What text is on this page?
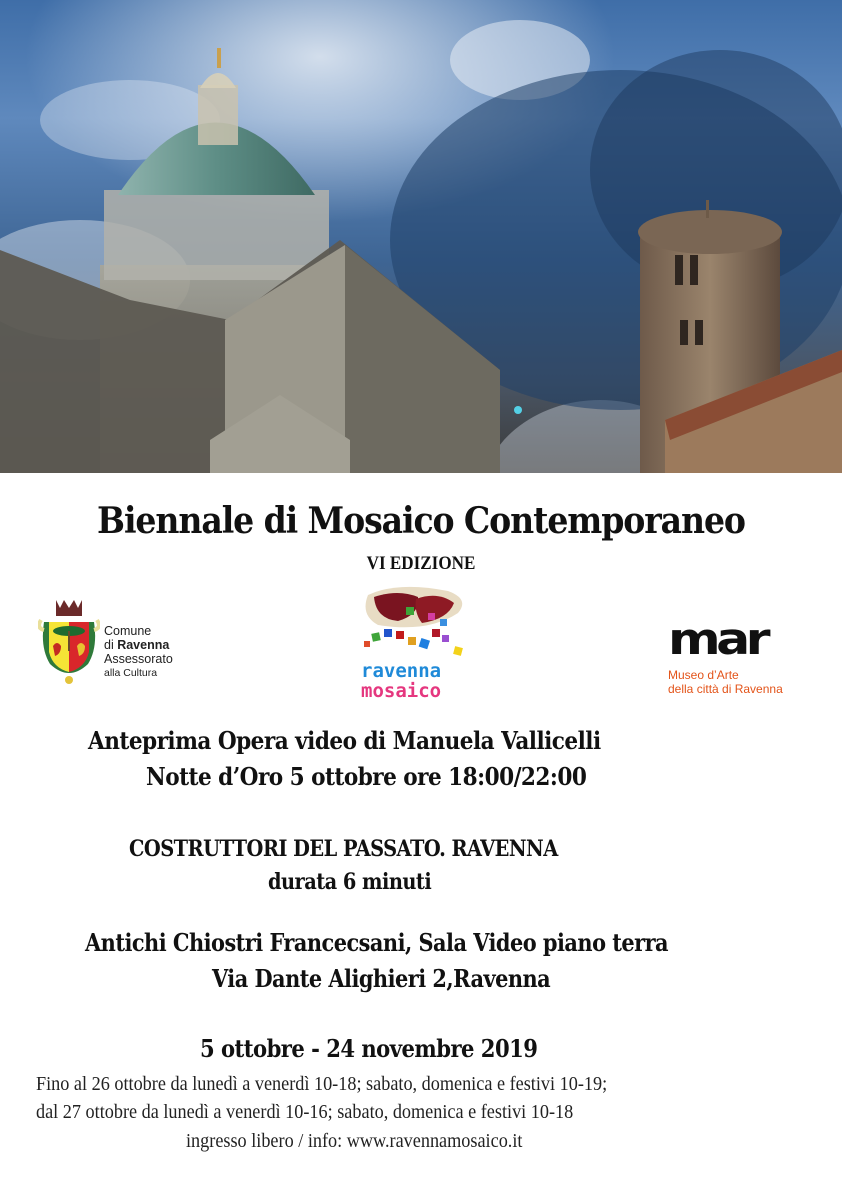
Biennale di Mosaico Contemporaneo
VI EDIZIONE
Comune
di Ravenna
Assessorato
alla Cultura	ravenna
mosaico
mar
Museo d’Arte
della città di Ravenna
Anteprima Opera video di Manuela Vallicelli
Notte d’Oro 5 ottobre ore 18:00/22:00
COSTRUTTORI DEL PASSATO. RAVENNA
durata 6 minuti
Antichi Chiostri Francecsani, Sala Video piano terra
Via Dante Alighieri 2,Ravenna
5 ottobre - 24 novembre 2019
Fino al 26 ottobre da lunedì a venerdì 10-18; sabato, domenica e festivi 10-19;
dal 27 ottobre da lunedì a venerdì 10-16; sabato, domenica e festivi 10-18
ingresso libero / info: www.ravennamosaico.it
